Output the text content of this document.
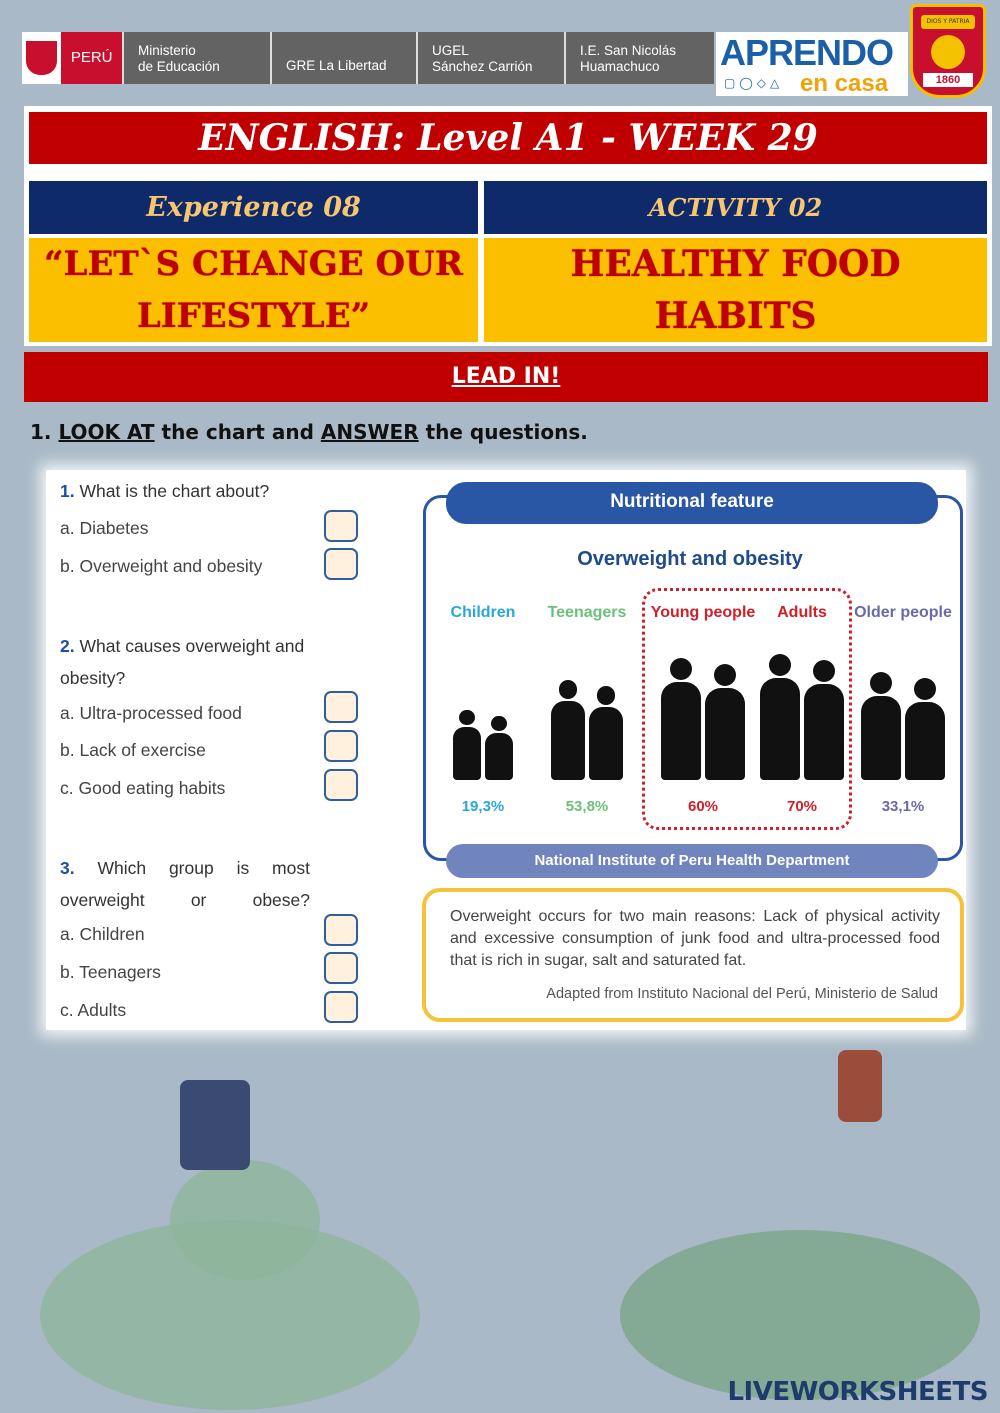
PERÚ	Ministerio
de Educación	GRE La Libertad
UGEL
Sánchez Carrión
I.E. San Nicolás
Huamachuco	APRENDO
▢◯◇△ en casa
DIOS Y PATRIA
1860
ENGLISH: Level A1 - WEEK 29
Experience 08	ACTIVITY 02
“LET`S CHANGE OUR LIFESTYLE”
HEALTHY FOOD HABITS
LEAD IN!
1. LOOK AT the chart and ANSWER the questions.
1. What is the chart about?
a. Diabetes
b. Overweight and obesity
2. What causes overweight and obesity?
a. Ultra-processed food
b. Lack of exercise
c. Good eating habits
3. Which group is most overweight or obese?
a. Children
b. Teenagers
c. Adults
Nutritional feature
Overweight and obesity
Children
19,3%
Teenagers
53,8%
Young people
60%
Adults
70%
Older people
33,1%
National Institute of Peru Health Department
Overweight occurs for two main reasons: Lack of physical activity and excessive consumption of junk food and ultra-processed food that is rich in sugar, salt and saturated fat.
Adapted from Instituto Nacional del Perú, Ministerio de Salud
LIVEWORKSHEETS
